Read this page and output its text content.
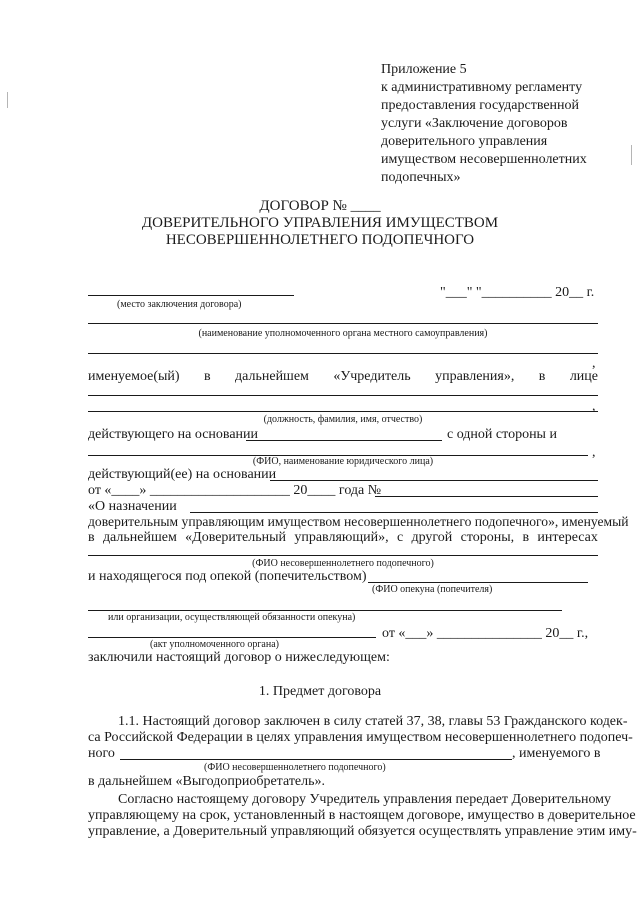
Приложение 5
к административному регламенту
предоставления государственной
услуги «Заключение договоров
доверительного управления
имуществом несовершеннолетних
подопечных»
ДОГОВОР № ____
ДОВЕРИТЕЛЬНОГО УПРАВЛЕНИЯ ИМУЩЕСТВОМ
НЕСОВЕРШЕННОЛЕТНЕГО ПОДОПЕЧНОГО
"___" "__________ 20__ г.
(место заключения договора)
(наименование уполномоченного органа местного самоуправления)
,
именуемое(ый) в дальнейшем «Учредитель управления», в лице
,
(должность, фамилия, имя, отчество)
действующего на основании	с одной стороны и
,
(ФИО, наименование юридического лица)
действующий(ее) на основании
от «____» ____________________ 20____ года №
«О назначении
доверительным управляющим имуществом несовершеннолетнего подопечного», именуемый
в дальнейшем «Доверительный управляющий», с другой стороны, в интересах
(ФИО несовершеннолетнего подопечного)
и находящегося под опекой (попечительством)
(ФИО опекуна (попечителя)
или организации, осуществляющей обязанности опекуна)
от «___» _______________ 20__ г.,
(акт уполномоченного органа)
заключили настоящий договор о нижеследующем:
1. Предмет договора
1.1. Настоящий договор заключен в силу статей 37, 38, главы 53 Гражданского кодек-
са Российской Федерации в целях управления имуществом несовершеннолетнего подопеч-
ного	, именуемого в
(ФИО несовершеннолетнего подопечного)
в дальнейшем «Выгодоприобретатель».
Согласно настоящему договору Учредитель управления передает Доверительному
управляющему на срок, установленный в настоящем договоре, имущество в доверительное
управление, а Доверительный управляющий обязуется осуществлять управление этим иму-
